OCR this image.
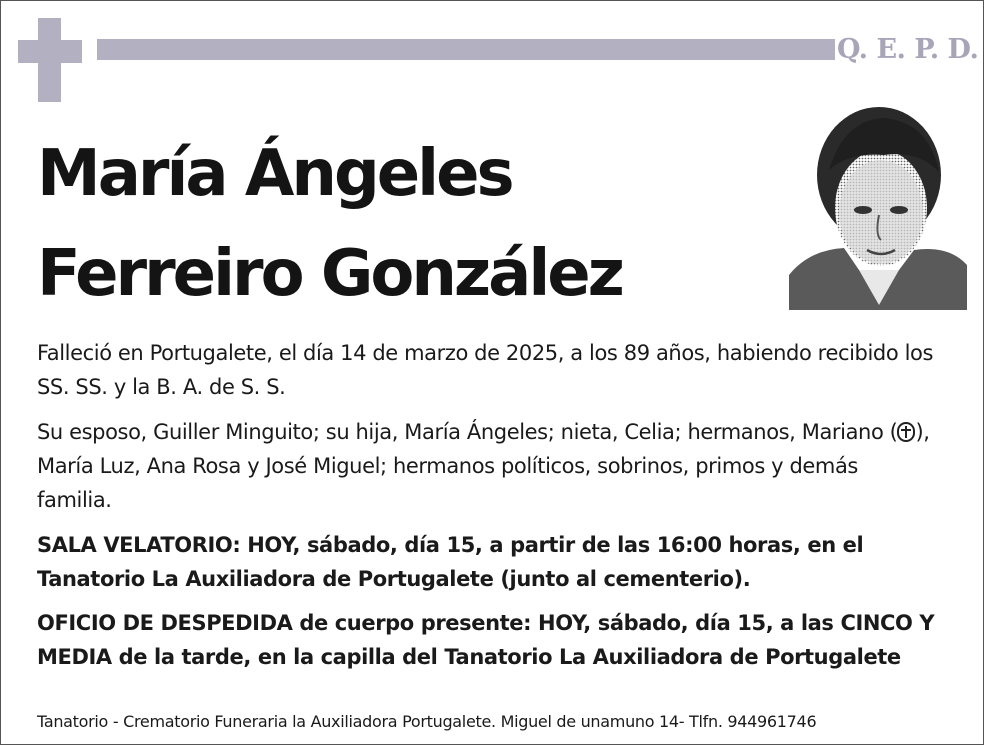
Q. E. P. D.
María Ángeles
Ferreiro González

Falleció en Portugalete, el día 14 de marzo de 2025, a los 89 años, habiendo recibido los SS. SS. y la B. A. de S. S.

Su esposo, Guiller Minguito; su hija, María Ángeles; nieta, Celia; hermanos, Mariano ( ), María Luz, Ana Rosa y José Miguel; hermanos políticos, sobrinos, primos y demás familia.

SALA VELATORIO: HOY, sábado, día 15, a partir de las 16:00 horas, en el Tanatorio La Auxiliadora de Portugalete (junto al cementerio).

OFICIO DE DESPEDIDA de cuerpo presente: HOY, sábado, día 15, a las CINCO Y MEDIA de la tarde, en la capilla del Tanatorio La Auxiliadora de Portugalete

Tanatorio - Crematorio Funeraria la Auxiliadora Portugalete. Miguel de unamuno 14- Tlfn. 944961746
